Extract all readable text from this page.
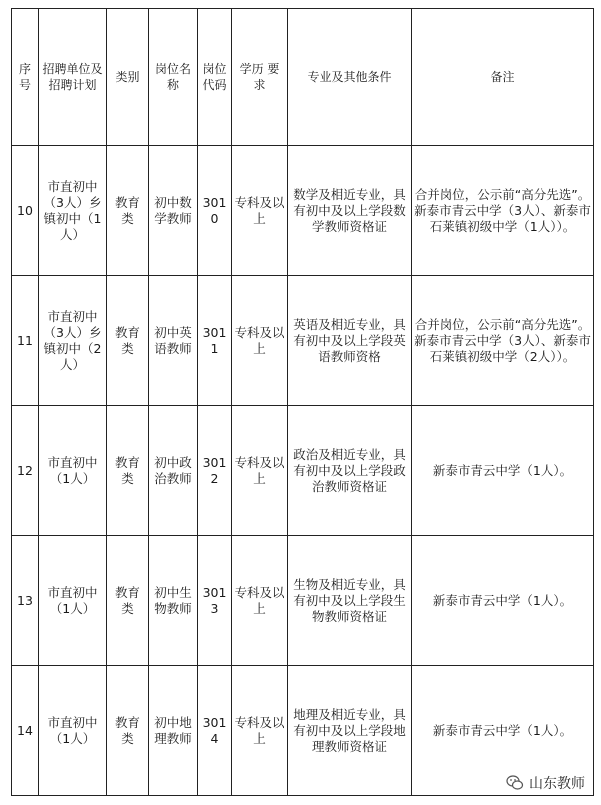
序号	招聘单位及招聘计划	类别	岗位名称	岗位代码	学历 要求	专业及其他条件	备注
10	市直初中（3人）乡镇初中（1人）	教育类	初中数学教师	3010	专科及以上	数学及相近专业，具有初中及以上学段数学教师资格证	合并岗位，公示前“高分先选”。新泰市青云中学（3人）、新泰市石莱镇初级中学（1人））。
11	市直初中（3人）乡镇初中（2人）	教育类	初中英语教师	3011	专科及以上	英语及相近专业，具有初中及以上学段英语教师资格	合并岗位，公示前“高分先选”。新泰市青云中学（3人）、新泰市石莱镇初级中学（2人））。
12	市直初中（1人）	教育类	初中政治教师	3012	专科及以上	政治及相近专业，具有初中及以上学段政治教师资格证	新泰市青云中学（1人）。
13	市直初中（1人）	教育类	初中生物教师	3013	专科及以上	生物及相近专业，具有初中及以上学段生物教师资格证	新泰市青云中学（1人）。
14	市直初中（1人）	教育类	初中地理教师	3014	专科及以上	地理及相近专业，具有初中及以上学段地理教师资格证	新泰市青云中学（1人）。
山东教师
